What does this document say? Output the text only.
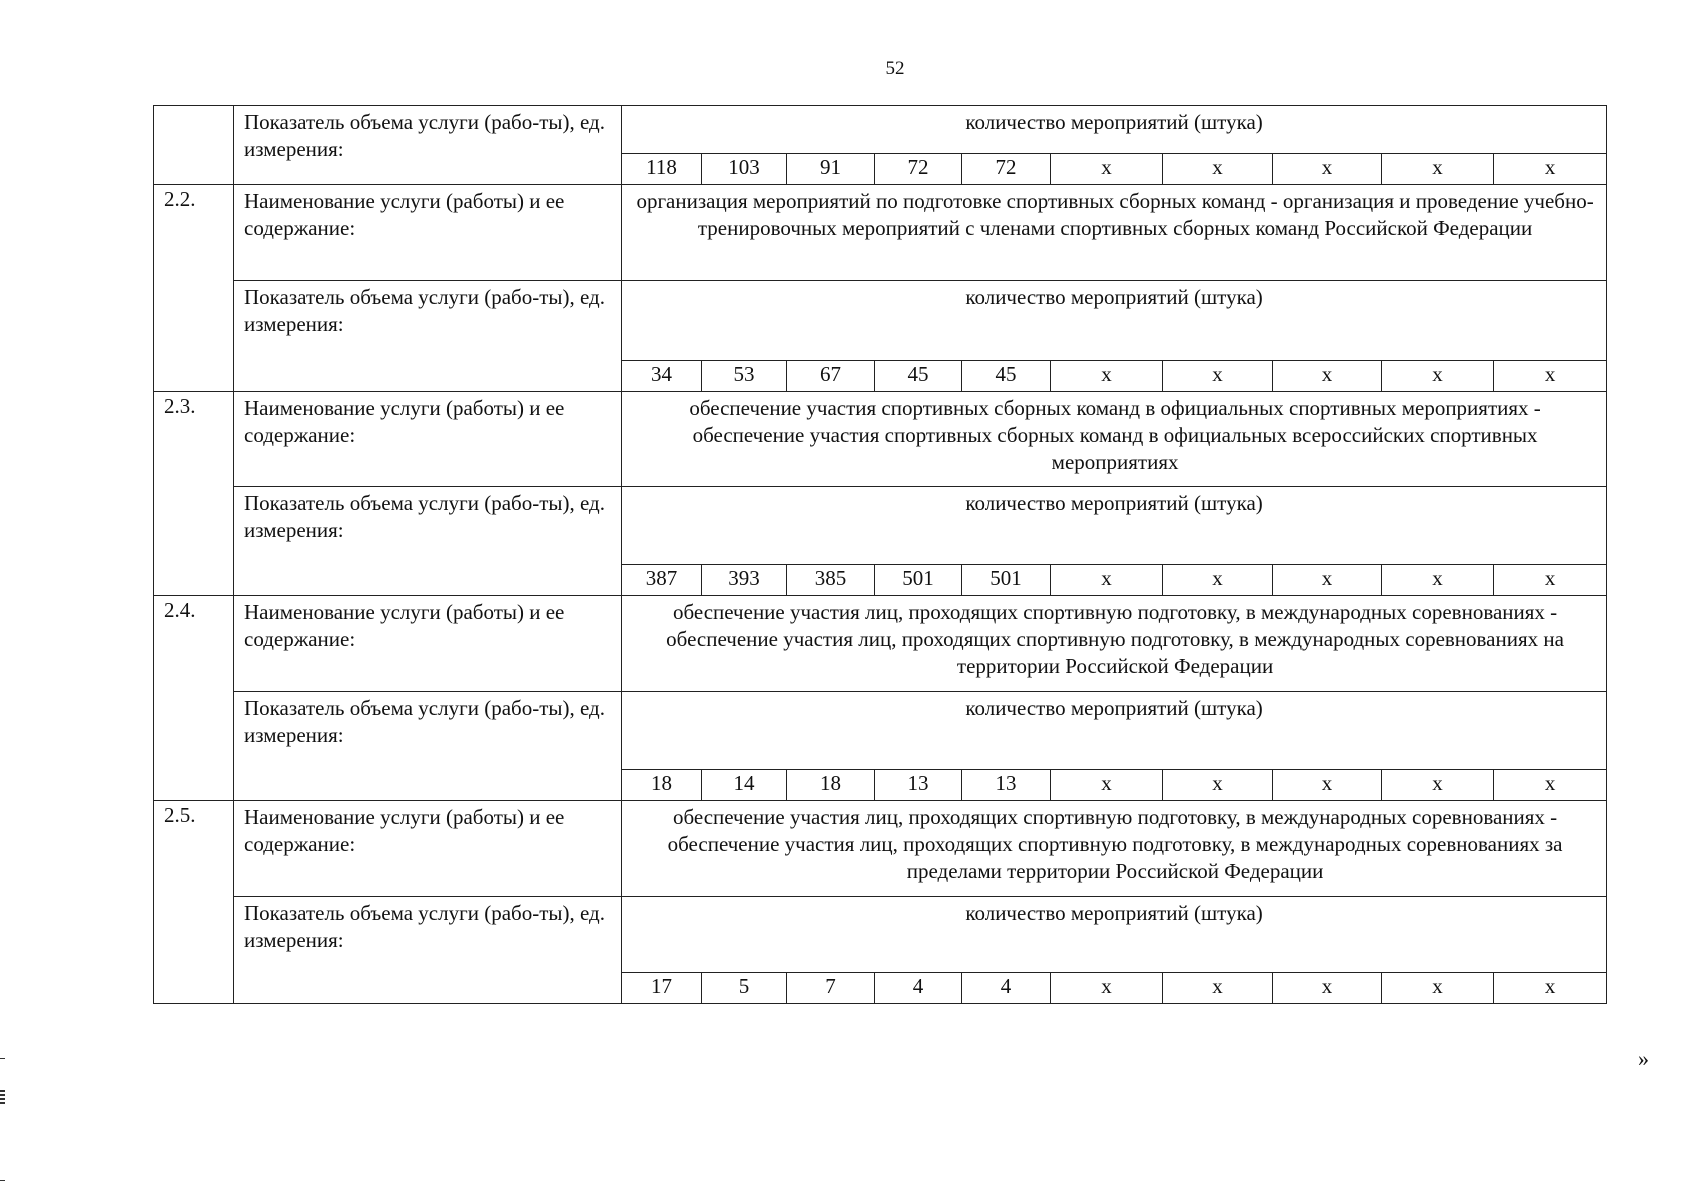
52
	Показатель объема услуги (рабо-ты), ед. измерения:	количество мероприятий (штука)									
		118	103	91	72	72	х	х	х	х	х
2.2.	Наименование услуги (работы) и ее содержание:	организация мероприятий по подготовке спортивных сборных команд - организация и проведение учебно-тренировочных мероприятий с членами спортивных сборных команд Российской Федерации									
	Показатель объема услуги (рабо-ты), ед. измерения:	количество мероприятий (штука)									
		34	53	67	45	45	х	х	х	х	х
2.3.	Наименование услуги (работы) и ее содержание:	обеспечение участия спортивных сборных команд в официальных спортивных мероприятиях - обеспечение участия спортивных сборных команд в официальных всероссийских спортивных мероприятиях									
	Показатель объема услуги (рабо-ты), ед. измерения:	количество мероприятий (штука)									
		387	393	385	501	501	х	х	х	х	х
2.4.	Наименование услуги (работы) и ее содержание:	обеспечение участия лиц, проходящих спортивную подготовку, в международных соревнованиях - обеспечение участия лиц, проходящих спортивную подготовку, в международных соревнованиях на территории Российской Федерации									
	Показатель объема услуги (рабо-ты), ед. измерения:	количество мероприятий (штука)									
		18	14	18	13	13	х	х	х	х	х
2.5.	Наименование услуги (работы) и ее содержание:	обеспечение участия лиц, проходящих спортивную подготовку, в международных соревнованиях - обеспечение участия лиц, проходящих спортивную подготовку, в международных соревнованиях за пределами территории Российской Федерации									
	Показатель объема услуги (рабо-ты), ед. измерения:	количество мероприятий (штука)									
		17	5	7	4	4	х	х	х	х	х
»
